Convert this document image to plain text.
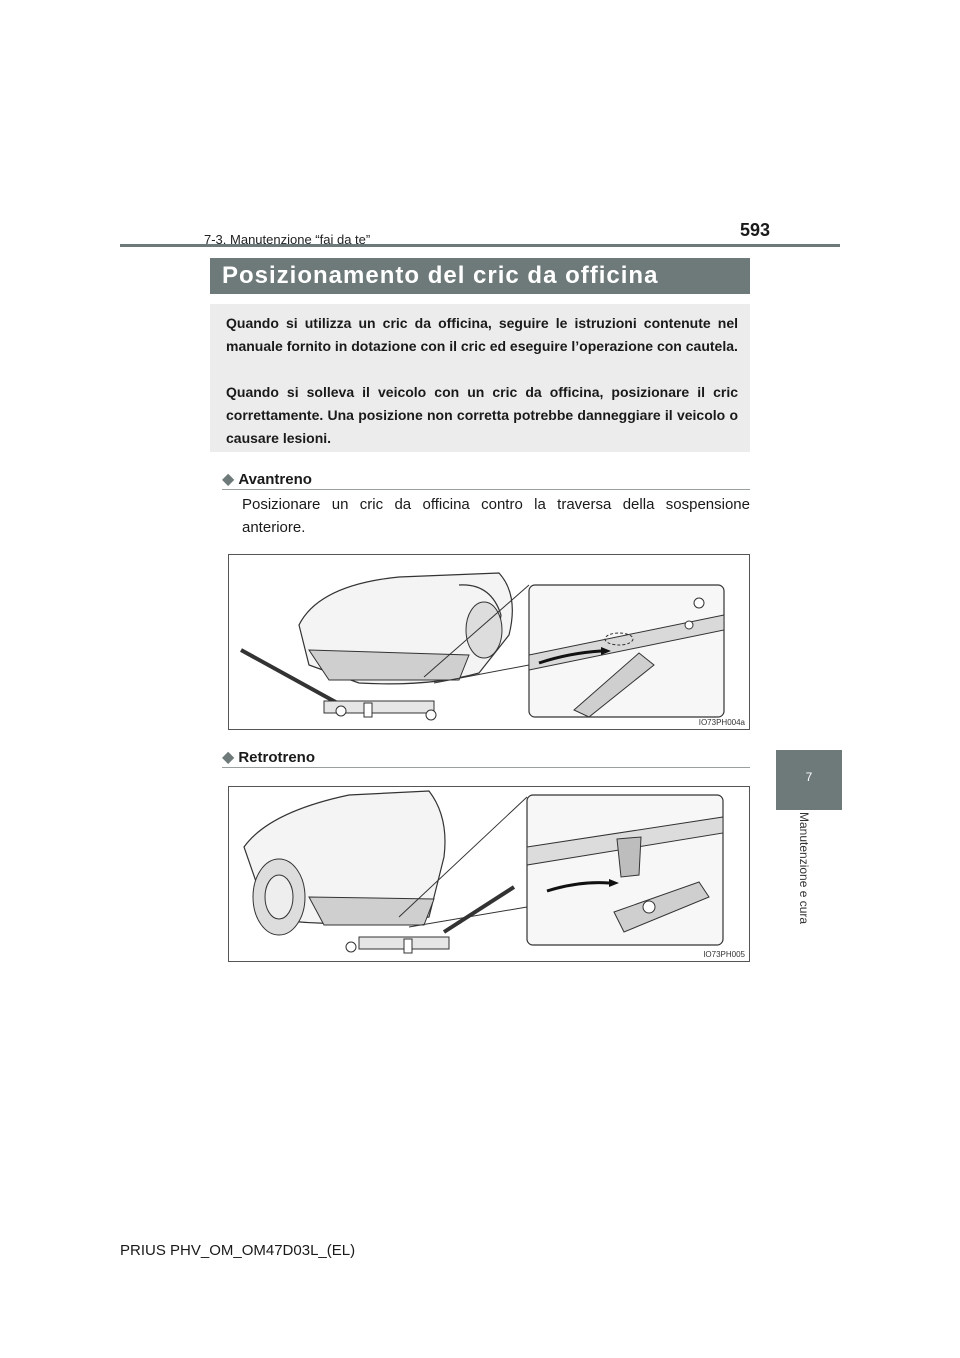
7-3. Manutenzione “fai da te”	593
Posizionamento del cric da officina
Quando si utilizza un cric da officina, seguire le istruzioni contenute nel manuale fornito in dotazione con il cric ed eseguire l’operazione con cautela.
Quando si solleva il veicolo con un cric da officina, posizionare il cric correttamente. Una posizione non corretta potrebbe danneggiare il veicolo o causare lesioni.
◆ Avantreno
Posizionare un cric da officina contro la traversa della sospensione anteriore.
IO73PH004a
◆ Retrotreno
IO73PH005
7
Manutenzione e cura
PRIUS PHV_OM_OM47D03L_(EL)
